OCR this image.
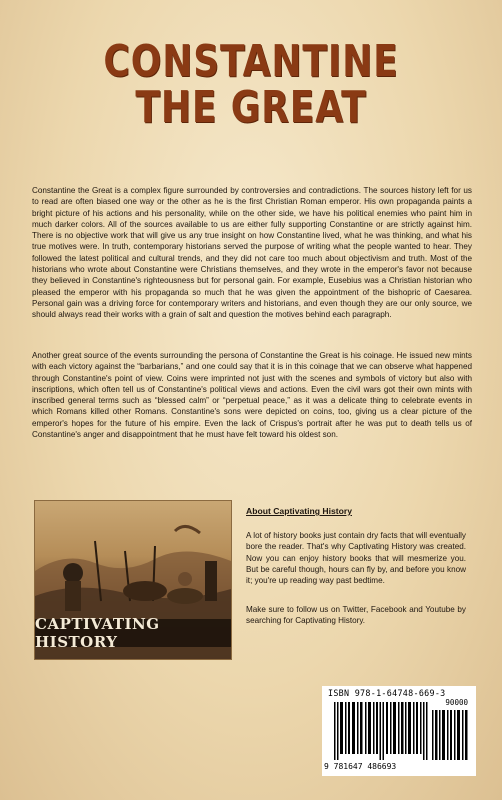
CONSTANTINE
THE GREAT

Constantine the Great is a complex figure surrounded by controversies and contradictions. The sources history left for us to read are often biased one way or the other as he is the first Christian Roman emperor. His own propaganda paints a bright picture of his actions and his personality, while on the other side, we have his political enemies who paint him in much darker colors. All of the sources available to us are either fully supporting Constantine or are strictly against him. There is no objective work that will give us any true insight on how Constantine lived, what he was thinking, and what his true motives were. In truth, contemporary historians served the purpose of writing what the people wanted to hear. They followed the latest political and cultural trends, and they did not care too much about objectivism and truth. Most of the historians who wrote about Constantine were Christians themselves, and they wrote in the emperor's favor not because they believed in Constantine's righteousness but for personal gain. For example, Eusebius was a Christian historian who pleased the emperor with his propaganda so much that he was given the appointment of the bishopric of Caesarea. Personal gain was a driving force for contemporary writers and historians, and even though they are our only source, we should always read their works with a grain of salt and question the motives behind each paragraph.

Another great source of the events surrounding the persona of Constantine the Great is his coinage. He issued new mints with each victory against the “barbarians,” and one could say that it is in this coinage that we can observe what happened through Constantine's point of view. Coins were imprinted not just with the scenes and symbols of victory but also with inscriptions, which often tell us of Constantine's political views and actions. Even the civil wars got their own mints with inscribed general terms such as “blessed calm” or “perpetual peace,” as it was a delicate thing to celebrate events in which Romans killed other Romans. Constantine's sons were depicted on coins, too, giving us a clear picture of the emperor's hopes for the future of his empire. Even the lack of Crispus's portrait after he was put to death tells us of Constantine's anger and disappointment that he must have felt toward his oldest son.

CAPTIVATING HISTORY

About Captivating History

A lot of history books just contain dry facts that will eventually bore the reader. That's why Captivating History was created. Now you can enjoy history books that will mesmerize you. But be careful though, hours can fly by, and before you know it; you're up reading way past bedtime.

Make sure to follow us on Twitter, Facebook and Youtube by searching for Captivating History.

ISBN 978-1-64748-669-3
90000
9 781647 486693
